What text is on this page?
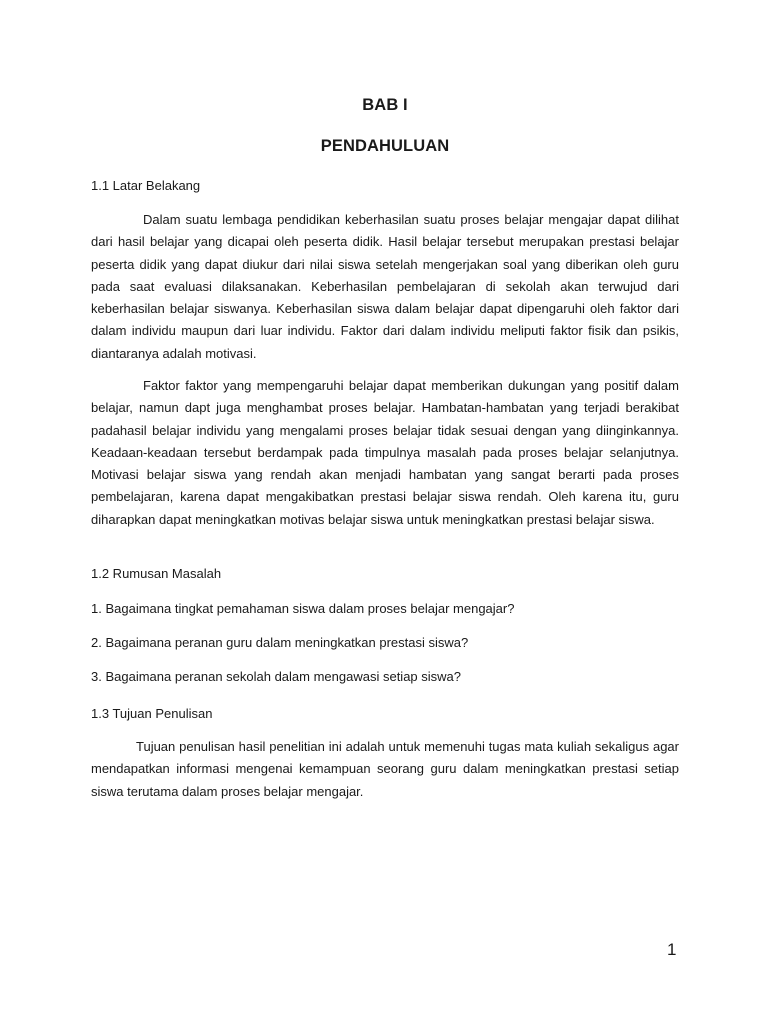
BAB I
PENDAHULUAN
1.1 Latar Belakang

Dalam suatu lembaga pendidikan keberhasilan suatu proses belajar mengajar dapat dilihat dari hasil belajar yang dicapai oleh peserta didik. Hasil belajar tersebut merupakan prestasi belajar peserta didik yang dapat diukur dari nilai siswa setelah mengerjakan soal yang diberikan oleh guru pada saat evaluasi dilaksanakan. Keberhasilan pembelajaran di sekolah akan terwujud dari keberhasilan belajar siswanya. Keberhasilan siswa dalam belajar dapat dipengaruhi oleh faktor dari dalam individu maupun dari luar individu. Faktor dari dalam individu meliputi faktor fisik dan psikis, diantaranya adalah motivasi.

Faktor faktor yang mempengaruhi belajar dapat memberikan dukungan yang positif dalam belajar, namun dapt juga menghambat proses belajar. Hambatan-hambatan yang terjadi berakibat padahasil belajar individu yang mengalami proses belajar tidak sesuai dengan yang diinginkannya. Keadaan-keadaan tersebut berdampak pada timpulnya masalah pada proses belajar selanjutnya. Motivasi belajar siswa yang rendah akan menjadi hambatan yang sangat berarti pada proses pembelajaran, karena dapat mengakibatkan prestasi belajar siswa rendah. Oleh karena itu, guru diharapkan dapat meningkatkan motivas belajar siswa untuk meningkatkan prestasi belajar siswa.

1.2 Rumusan Masalah
1. Bagaimana tingkat pemahaman siswa dalam proses belajar mengajar?
2. Bagaimana peranan guru dalam meningkatkan prestasi siswa?
3. Bagaimana peranan sekolah dalam mengawasi setiap siswa?
1.3 Tujuan Penulisan

Tujuan penulisan hasil penelitian ini adalah untuk memenuhi tugas mata kuliah sekaligus agar mendapatkan informasi mengenai kemampuan seorang guru dalam meningkatkan prestasi setiap siswa terutama dalam proses belajar mengajar.

1
